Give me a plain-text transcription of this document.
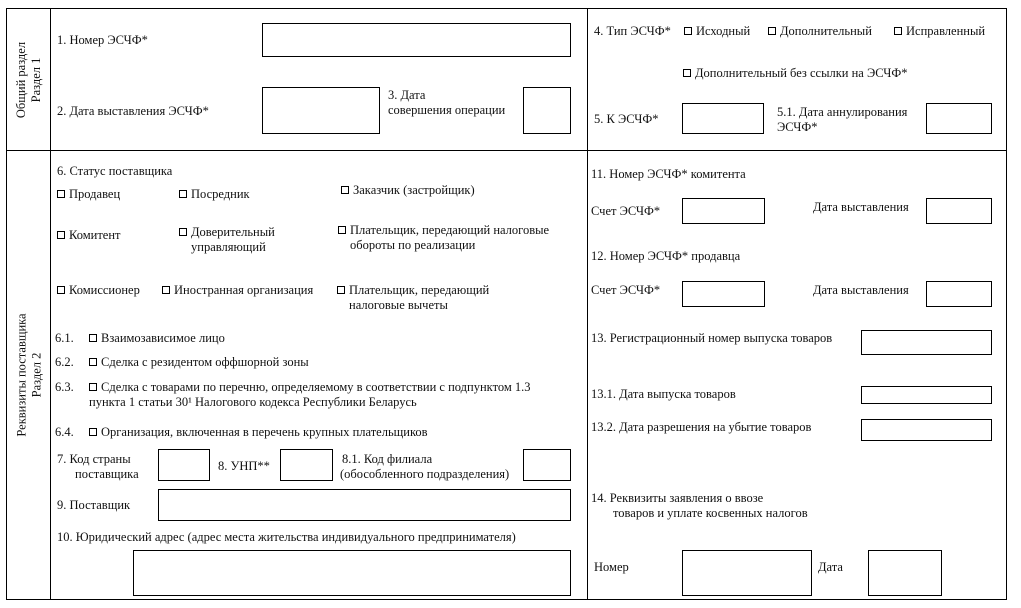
Общий раздел Раздел 1
Реквизиты поставщика Раздел 2
1. Номер ЭСЧФ*
2. Дата выставления ЭСЧФ*
3. Дата
совершения операции
4. Тип ЭСЧФ*	Исходный	Дополнительный	Исправленный
Дополнительный без ссылки на ЭСЧФ*
5. К ЭСЧФ*	5.1. Дата аннулирования
ЭСЧФ*
6. Статус поставщика
Продавец	Посредник	Заказчик (застройщик)
Комитент	Доверительный
управляющий
Плательщик, передающий налоговые
обороты по реализации
Комиссионер	Иностранная организация	Плательщик, передающий
налоговые вычеты
6.1.	Взаимозависимое лицо
6.2.	Сделка с резидентом оффшорной зоны
6.3.	Сделка с товарами по перечню, определяемому в соответствии с подпунктом 1.3
пункта 1 статьи 30¹ Налогового кодекса Республики Беларусь
6.4.	Организация, включенная в перечень крупных плательщиков
7. Код страны
поставщика
8. УНП**	8.1. Код филиала
(обособленного подразделения)
9. Поставщик
10. Юридический адрес (адрес места жительства индивидуального предпринимателя)
11. Номер ЭСЧФ* комитента
Счет ЭСЧФ*	Дата выставления
12. Номер ЭСЧФ* продавца
Счет ЭСЧФ*	Дата выставления
13. Регистрационный номер выпуска товаров
13.1. Дата выпуска товаров
13.2. Дата разрешения на убытие товаров
14. Реквизиты заявления о ввозе
товаров и уплате косвенных налогов
Номер	Дата
